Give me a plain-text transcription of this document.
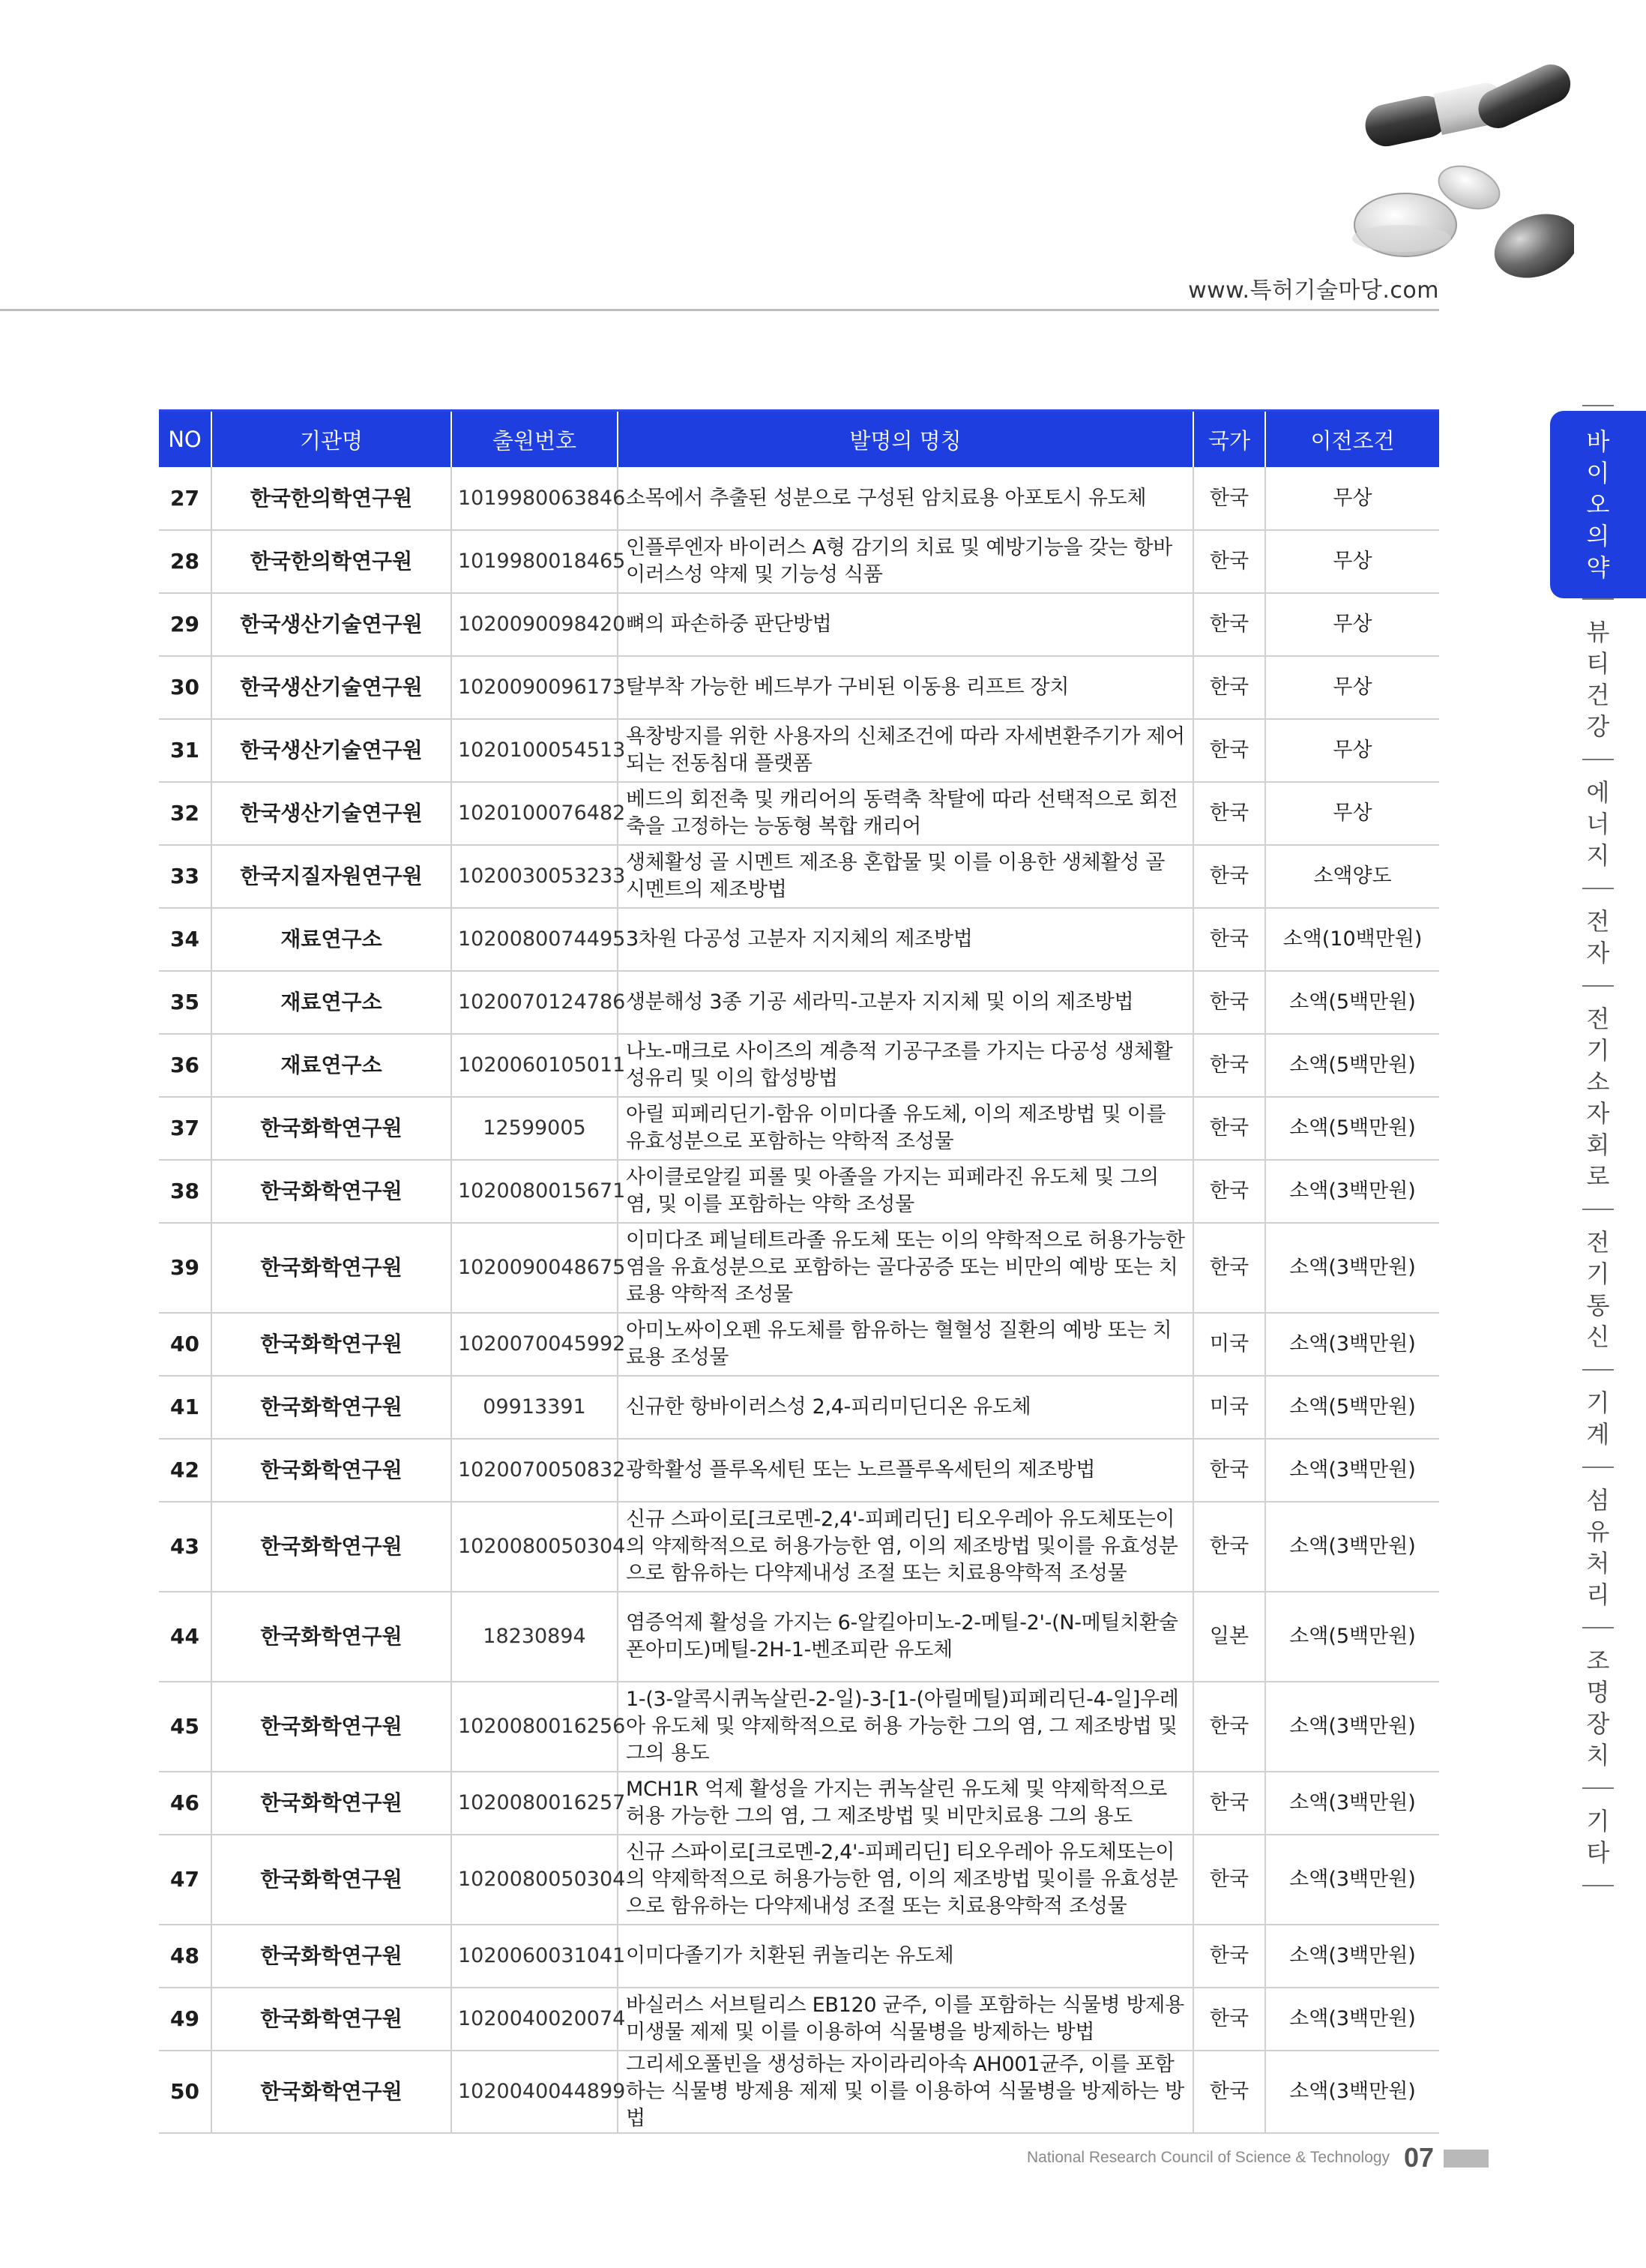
www.특허기술마당.com
NO	기관명	출원번호	발명의 명칭	국가	이전조건
27	한국한의학연구원	1019980063846	소목에서 추출된 성분으로 구성된 암치료용 아포토시 유도체	한국	무상
28	한국한의학연구원	1019980018465	인플루엔자 바이러스 A형 감기의 치료 및 예방기능을 갖는 항바이러스성 약제 및 기능성 식품	한국	무상
29	한국생산기술연구원	1020090098420	뼈의 파손하중 판단방법	한국	무상
30	한국생산기술연구원	1020090096173	탈부착 가능한 베드부가 구비된 이동용 리프트 장치	한국	무상
31	한국생산기술연구원	1020100054513	욕창방지를 위한 사용자의 신체조건에 따라 자세변환주기가 제어되는 전동침대 플랫폼	한국	무상
32	한국생산기술연구원	1020100076482	베드의 회전축 및 캐리어의 동력축 착탈에 따라 선택적으로 회전축을 고정하는 능동형 복합 캐리어	한국	무상
33	한국지질자원연구원	1020030053233	생체활성 골 시멘트 제조용 혼합물 및 이를 이용한 생체활성 골 시멘트의 제조방법	한국	소액양도
34	재료연구소	1020080074495	3차원 다공성 고분자 지지체의 제조방법	한국	소액(10백만원)
35	재료연구소	1020070124786	생분해성 3종 기공 세라믹-고분자 지지체 및 이의 제조방법	한국	소액(5백만원)
36	재료연구소	1020060105011	나노-매크로 사이즈의 계층적 기공구조를 가지는 다공성 생체활성유리 및 이의 합성방법	한국	소액(5백만원)
37	한국화학연구원	12599005	아릴 피페리딘기-함유 이미다졸 유도체, 이의 제조방법 및 이를 유효성분으로 포함하는 약학적 조성물	한국	소액(5백만원)
38	한국화학연구원	1020080015671	사이클로알킬 피롤 및 아졸을 가지는 피페라진 유도체 및 그의 염, 및 이를 포함하는 약학 조성물	한국	소액(3백만원)
39	한국화학연구원	1020090048675	이미다조 페닐테트라졸 유도체 또는 이의 약학적으로 허용가능한 염을 유효성분으로 포함하는 골다공증 또는 비만의 예방 또는 치료용 약학적 조성물	한국	소액(3백만원)
40	한국화학연구원	1020070045992	아미노싸이오펜 유도체를 함유하는 혈혈성 질환의 예방 또는 치료용 조성물	미국	소액(3백만원)
41	한국화학연구원	09913391	신규한 항바이러스성 2,4-피리미딘디온 유도체	미국	소액(5백만원)
42	한국화학연구원	1020070050832	광학활성 플루옥세틴 또는 노르플루옥세틴의 제조방법	한국	소액(3백만원)
43	한국화학연구원	1020080050304	신규 스파이로[크로멘-2,4'-피페리딘] 티오우레아 유도체또는이의 약제학적으로 허용가능한 염, 이의 제조방법 및이를 유효성분으로 함유하는 다약제내성 조절 또는 치료용약학적 조성물	한국	소액(3백만원)
44	한국화학연구원	18230894	염증억제 활성을 가지는 6-알킬아미노-2-메틸-2'-(N-메틸치환술폰아미도)메틸-2H-1-벤조피란 유도체	일본	소액(5백만원)
45	한국화학연구원	1020080016256	1-(3-알콕시퀴녹살린-2-일)-3-[1-(아릴메틸)피페리딘-4-일]우레아 유도체 및 약제학적으로 허용 가능한 그의 염, 그 제조방법 및 그의 용도	한국	소액(3백만원)
46	한국화학연구원	1020080016257	MCH1R 억제 활성을 가지는 퀴녹살린 유도체 및 약제학적으로 허용 가능한 그의 염, 그 제조방법 및 비만치료용 그의 용도	한국	소액(3백만원)
47	한국화학연구원	1020080050304	신규 스파이로[크로멘-2,4'-피페리딘] 티오우레아 유도체또는이의 약제학적으로 허용가능한 염, 이의 제조방법 및이를 유효성분으로 함유하는 다약제내성 조절 또는 치료용약학적 조성물	한국	소액(3백만원)
48	한국화학연구원	1020060031041	이미다졸기가 치환된 퀴놀리논 유도체	한국	소액(3백만원)
49	한국화학연구원	1020040020074	바실러스 서브틸리스 EB120 균주, 이를 포함하는 식물병 방제용 미생물 제제 및 이를 이용하여 식물병을 방제하는 방법	한국	소액(3백만원)
50	한국화학연구원	1020040044899	그리세오풀빈을 생성하는 자이라리아속 AH001균주, 이를 포함하는 식물병 방제용 제제 및 이를 이용하여 식물병을 방제하는 방법	한국	소액(3백만원)
바
이
오
의
약
뷰
티
건
강
에
너
지
전
자
전
기
소
자
회
로
전
기
통
신
기
계
섬
유
처
리
조
명
장
치
기
타
National Research Council of Science & Technology 07
